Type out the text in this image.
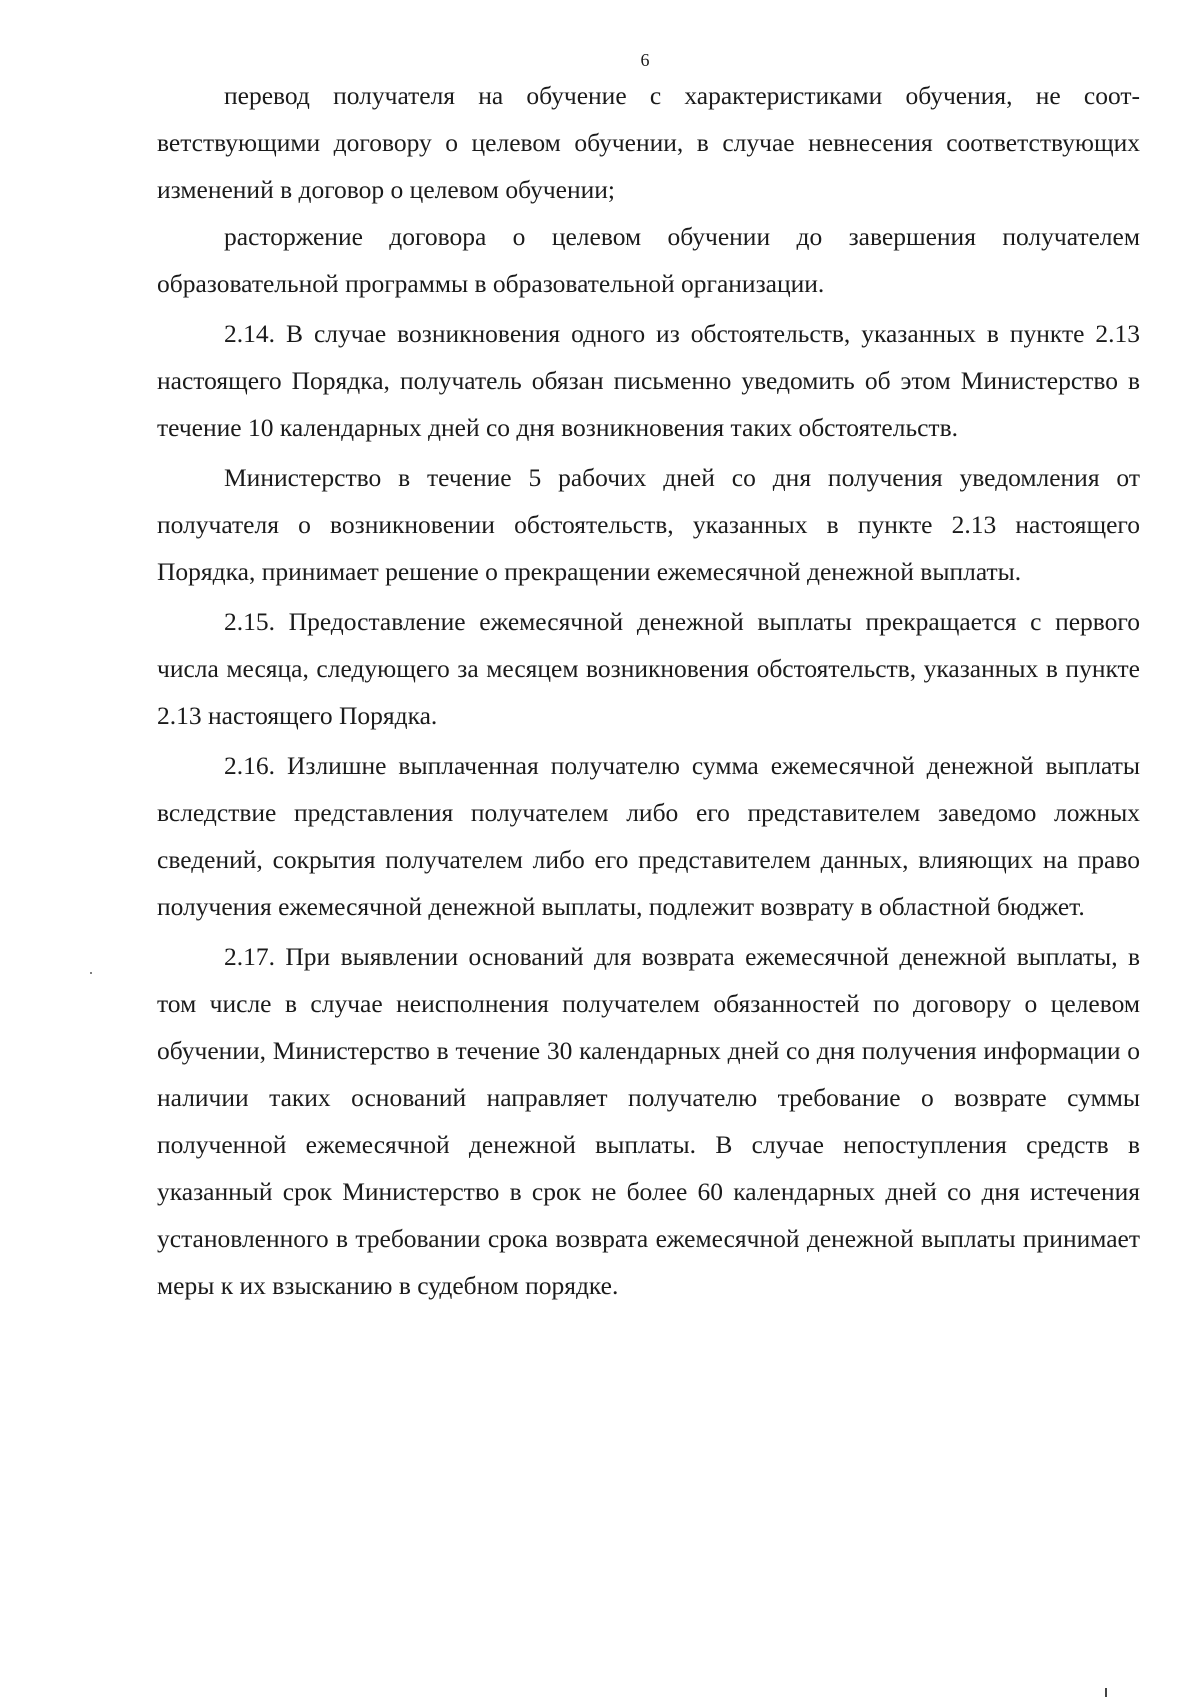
6

перевод получателя на обучение с характеристиками обучения, не соответствующими договору о целевом обучении, в случае невнесения соответствующих изменений в договор о целевом обучении;

расторжение договора о целевом обучении до завершения получателем образовательной программы в образовательной организации.

2.14. В случае возникновения одного из обстоятельств, указанных в пункте 2.13 настоящего Порядка, получатель обязан письменно уведомить об этом Министерство в течение 10 календарных дней со дня возникновения таких обстоятельств.

Министерство в течение 5 рабочих дней со дня получения уведомления от получателя о возникновении обстоятельств, указанных в пункте 2.13 настоящего Порядка, принимает решение о прекращении ежемесячной денежной выплаты.

2.15. Предоставление ежемесячной денежной выплаты прекращается с первого числа месяца, следующего за месяцем возникновения обстоятельств, указанных в пункте 2.13 настоящего Порядка.

2.16. Излишне выплаченная получателю сумма ежемесячной денежной выплаты вследствие представления получателем либо его представителем заведомо ложных сведений, сокрытия получателем либо его представителем данных, влияющих на право получения ежемесячной денежной выплаты, подлежит возврату в областной бюджет.

2.17. При выявлении оснований для возврата ежемесячной денежной выплаты, в том числе в случае неисполнения получателем обязанностей по договору о целевом обучении, Министерство в течение 30 календарных дней со дня получения информации о наличии таких оснований направляет получателю требование о возврате суммы полученной ежемесячной денежной выплаты. В случае непоступления средств в указанный срок Министерство в срок не более 60 календарных дней со дня истечения установленного в требовании срока возврата ежемесячной денежной выплаты принимает меры к их взысканию в судебном порядке.
